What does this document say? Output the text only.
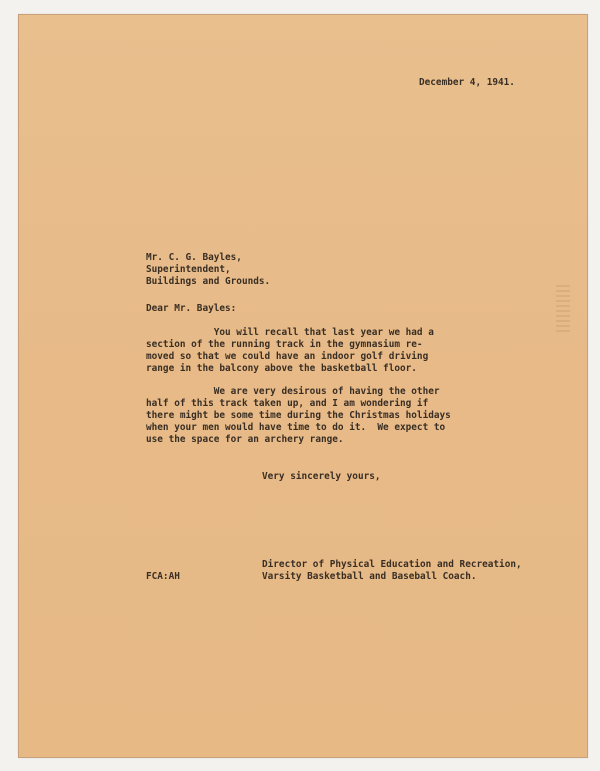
December 4, 1941.
Mr. C. G. Bayles,
Superintendent,
Buildings and Grounds.
Dear Mr. Bayles:
You will recall that last year we had a
section of the running track in the gymnasium re-
moved so that we could have an indoor golf driving
range in the balcony above the basketball floor.
We are very desirous of having the other
half of this track taken up, and I am wondering if
there might be some time during the Christmas holidays
when your men would have time to do it.  We expect to
use the space for an archery range.
Very sincerely yours,
Director of Physical Education and Recreation,
Varsity Basketball and Baseball Coach.
FCA:AH
